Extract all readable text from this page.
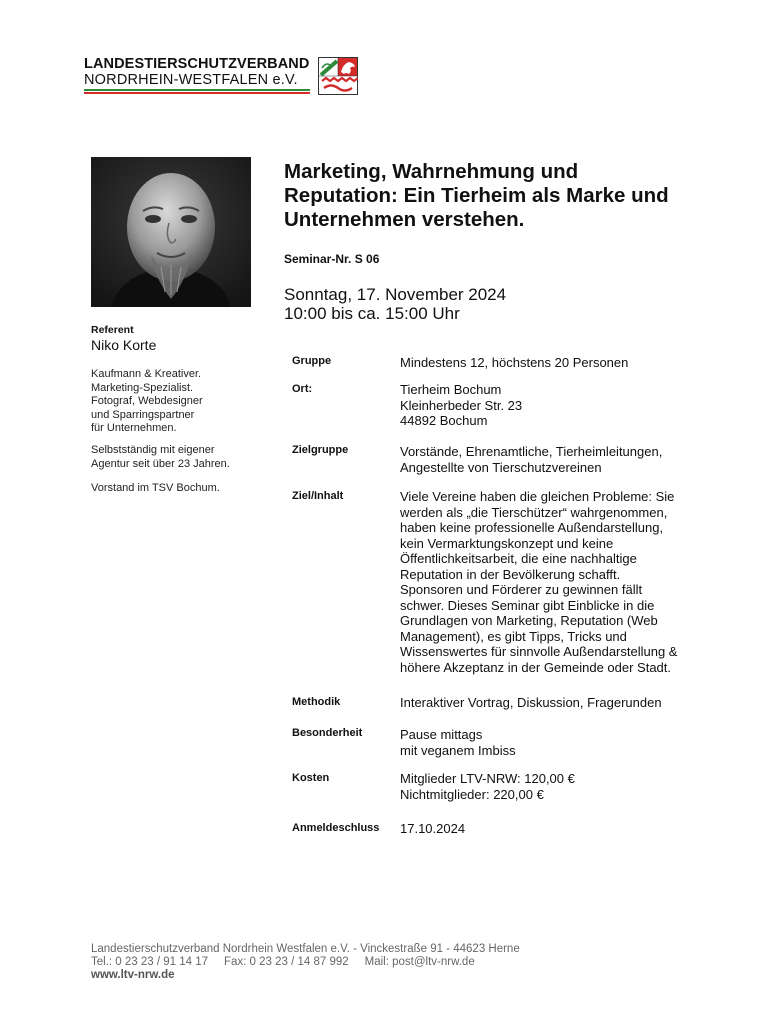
LANDESTIERSCHUTZVERBAND
NORDRHEIN-WESTFALEN e.V.
Referent
Niko Korte
Kaufmann & Kreativer.
Marketing-Spezialist.
Fotograf, Webdesigner
und Sparringspartner
für Unternehmen.
Selbstständig mit eigener
Agentur seit über 23 Jahren.
Vorstand im TSV Bochum.
Marketing, Wahrnehmung und Reputation: Ein Tierheim als Marke und Unternehmen verstehen.
Seminar-Nr. S 06
Sonntag, 17. November 2024
10:00 bis ca. 15:00 Uhr
Gruppe	Mindestens 12, höchstens 20 Personen
Ort:	Tierheim Bochum
Kleinherbeder Str. 23
44892 Bochum
Zielgruppe	Vorstände, Ehrenamtliche, Tierheimleitungen,
Angestellte von Tierschutzvereinen
Ziel/Inhalt	Viele Vereine haben die gleichen Probleme: Sie
werden als „die Tierschützer“ wahrgenommen,
haben keine professionelle Außendarstellung,
kein Vermarktungskonzept und keine
Öffentlichkeitsarbeit, die eine nachhaltige
Reputation in der Bevölkerung schafft.
Sponsoren und Förderer zu gewinnen fällt
schwer. Dieses Seminar gibt Einblicke in die
Grundlagen von Marketing, Reputation (Web
Management), es gibt Tipps, Tricks und
Wissenswertes für sinnvolle Außendarstellung &
höhere Akzeptanz in der Gemeinde oder Stadt.
Methodik	Interaktiver Vortrag, Diskussion, Fragerunden
Besonderheit	Pause mittags
mit veganem Imbiss
Kosten	Mitglieder LTV-NRW: 120,00 €
Nichtmitglieder: 220,00 €
Anmeldeschluss 17.10.2024
Landestierschutzverband Nordrhein Westfalen e.V. - Vinckestraße 91 - 44623 Herne
Tel.: 0 23 23 / 91 14 17     Fax: 0 23 23 / 14 87 992     Mail: post@ltv-nrw.de
www.ltv-nrw.de
